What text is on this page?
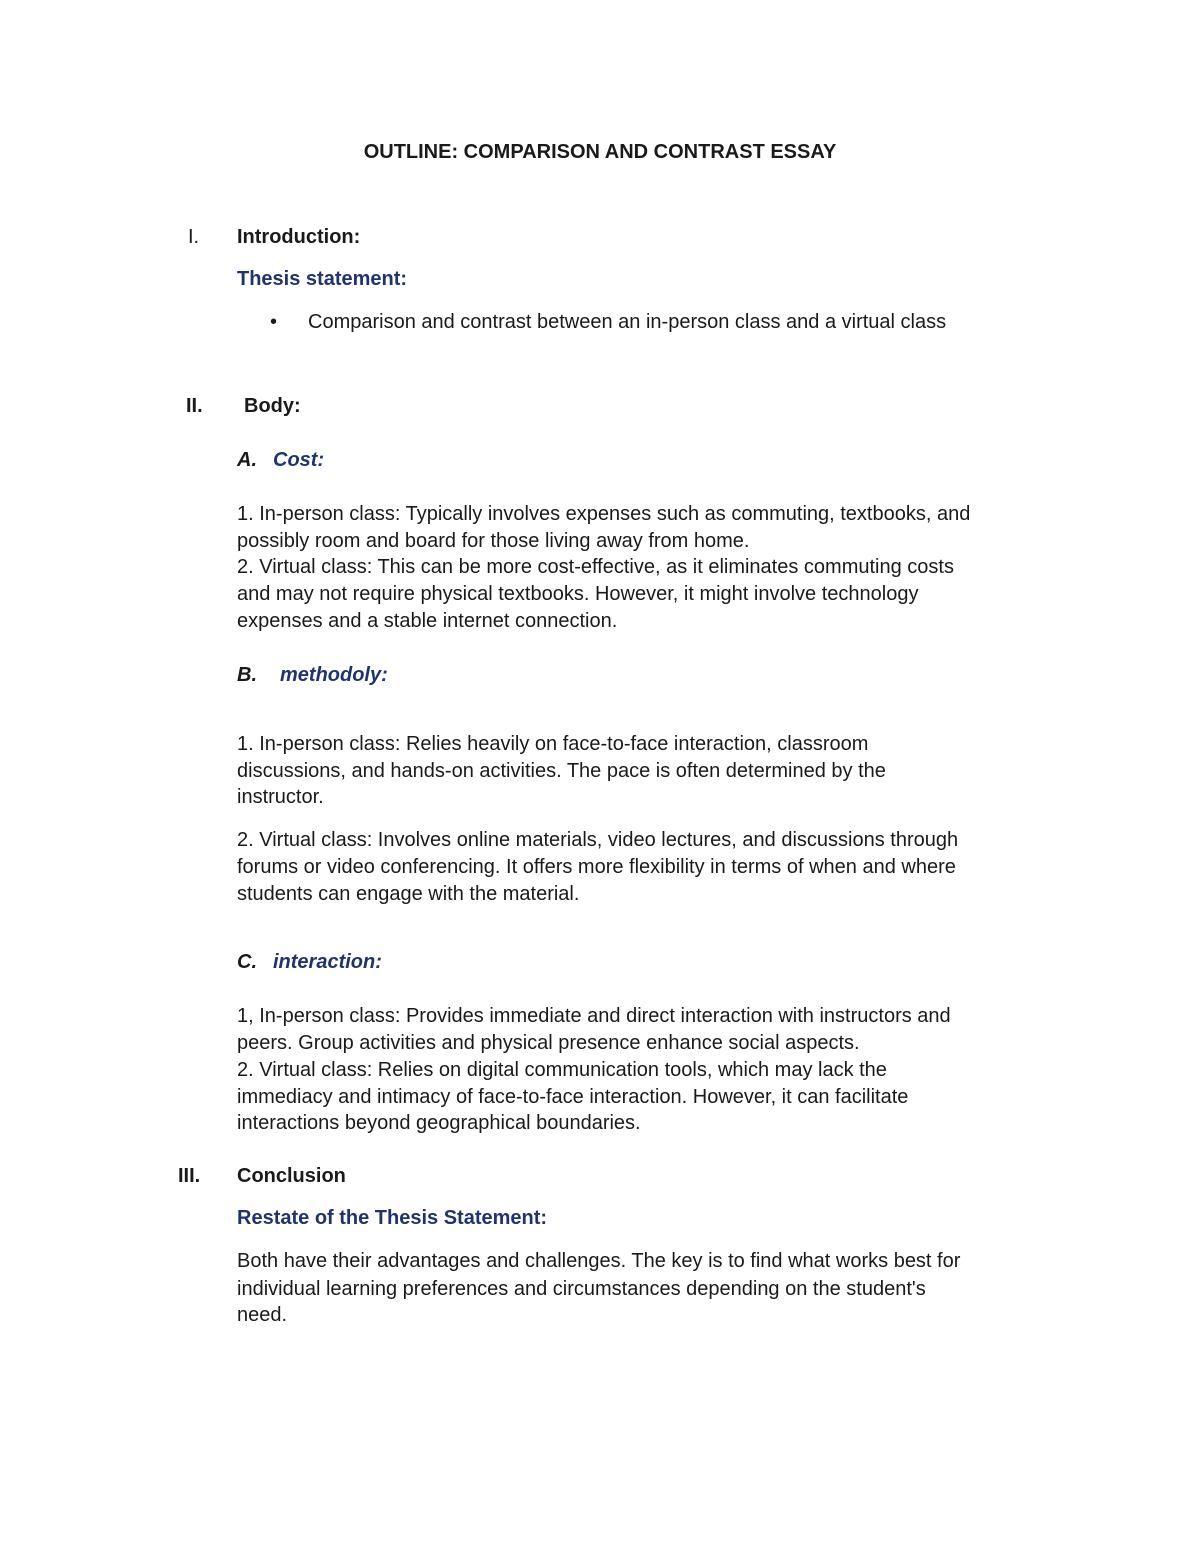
OUTLINE: COMPARISON AND CONTRAST ESSAY
I. Introduction:
Thesis statement:
• Comparison and contrast between an in-person class and a virtual class
II. Body:
A. Cost:
B. methodoly:
C. interaction:
III. Conclusion
Restate of the Thesis Statement:
1. In-person class: Typically involves expenses such as commuting, textbooks, and
possibly room and board for those living away from home.
2. Virtual class: This can be more cost-effective, as it eliminates commuting costs
and may not require physical textbooks. However, it might involve technology
expenses and a stable internet connection.
1. In-person class: Relies heavily on face-to-face interaction, classroom
discussions, and hands-on activities. The pace is often determined by the
instructor.
2. Virtual class: Involves online materials, video lectures, and discussions through
forums or video conferencing. It offers more flexibility in terms of when and where
students can engage with the material.
1, In-person class: Provides immediate and direct interaction with instructors and
peers. Group activities and physical presence enhance social aspects.
2. Virtual class: Relies on digital communication tools, which may lack the
immediacy and intimacy of face-to-face interaction. However, it can facilitate
interactions beyond geographical boundaries.
Both have their advantages and challenges. The key is to find what works best for
individual learning preferences and circumstances depending on the student's
need.
